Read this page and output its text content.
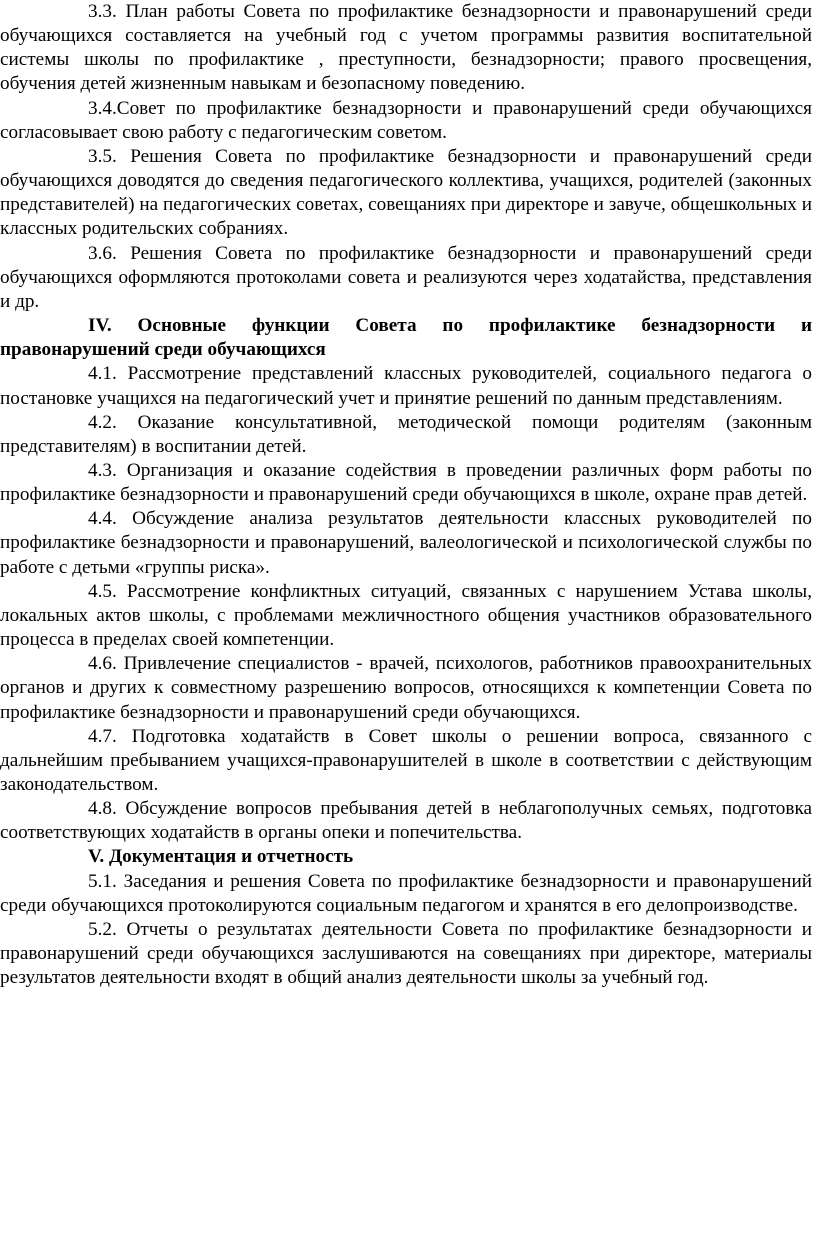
3.3. План работы Совета по профилактике безнадзорности и правонарушений среди обучающихся составляется на учебный год с учетом программы развития воспитательной системы школы по профилактике , преступности, безнадзорности; правого просвещения, обучения детей жизненным навыкам и безопасному поведению.

3.4.Совет по профилактике безнадзорности и правонарушений среди обучающихся согласовывает свою работу с педагогическим советом.

3.5. Решения Совета по профилактике безнадзорности и правонарушений среди обучающихся доводятся до сведения педагогического коллектива, учащихся, родителей (законных представителей) на педагогических советах, совещаниях при директоре и завуче, общешкольных и классных родительских собраниях.

3.6. Решения Совета по профилактике безнадзорности и правонарушений среди обучающихся оформляются протоколами совета и реализуются через ходатайства, представления и др.

IV. Основные функции Совета по профилактике безнадзорности и правонарушений среди обучающихся

4.1. Рассмотрение представлений классных руководителей, социального педагога о постановке учащихся на педагогический учет и принятие решений по данным представлениям.

4.2. Оказание консультативной, методической помощи родителям (законным представителям) в воспитании детей.

4.3. Организация и оказание содействия в проведении различных форм работы по профилактике безнадзорности и правонарушений среди обучающихся в школе, охране прав детей.

4.4. Обсуждение анализа результатов деятельности классных руководителей по профилактике безнадзорности и правонарушений, валеологической и психологической службы по работе с детьми «группы риска».

4.5. Рассмотрение конфликтных ситуаций, связанных с нарушением Устава школы, локальных актов школы, с проблемами межличностного общения участников образовательного процесса в пределах своей компетенции.

4.6. Привлечение специалистов - врачей, психологов, работников правоохранительных органов и других к совместному разрешению вопросов, относящихся к компетенции Совета по профилактике безнадзорности и правонарушений среди обучающихся.

4.7. Подготовка ходатайств в Совет школы о решении вопроса, связанного с дальнейшим пребыванием учащихся-правонарушителей в школе в соответствии с действующим законодательством.

4.8. Обсуждение вопросов пребывания детей в неблагополучных семьях, подготовка соответствующих ходатайств в органы опеки и попечительства.

V. Документация и отчетность

5.1. Заседания и решения Совета по профилактике безнадзорности и правонарушений среди обучающихся протоколируются социальным педагогом и хранятся в его делопроизводстве.

5.2. Отчеты о результатах деятельности Совета по профилактике безнадзорности и правонарушений среди обучающихся заслушиваются на совещаниях при директоре, материалы результатов деятельности входят в общий анализ деятельности школы за учебный год.
